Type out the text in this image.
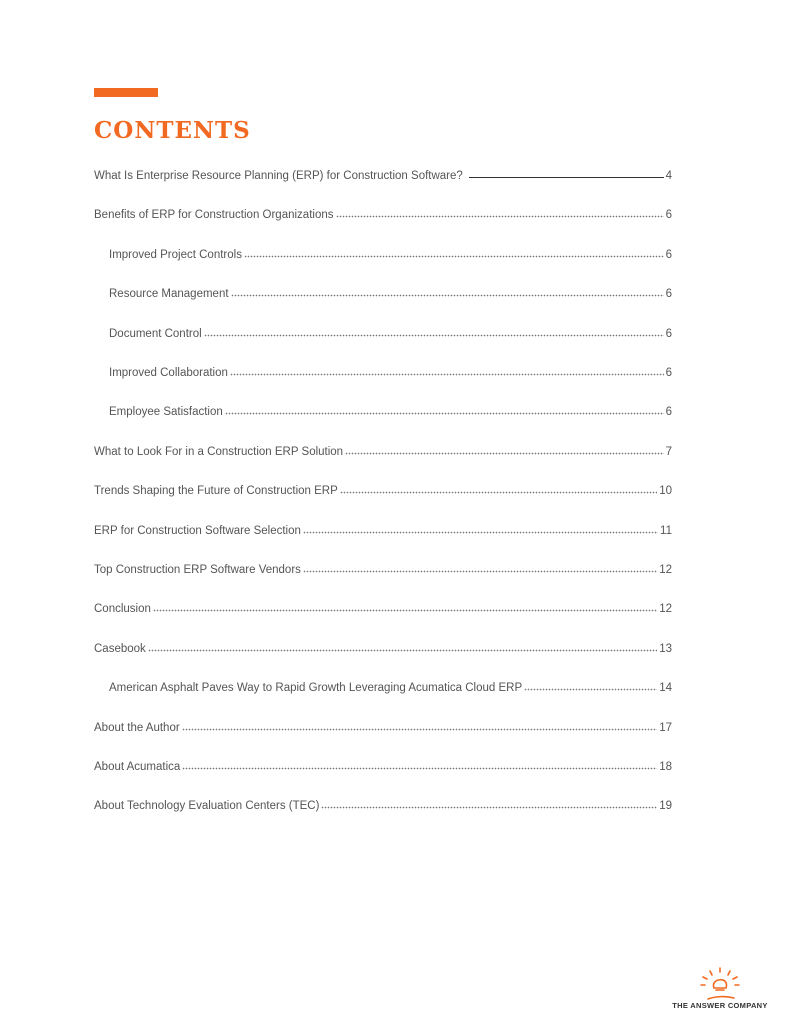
CONTENTS
What Is Enterprise Resource Planning (ERP) for Construction Software?	4
Benefits of ERP for Construction Organizations	6
Improved Project Controls	6
Resource Management	6
Document Control	6
Improved Collaboration	6
Employee Satisfaction	6
What to Look For in a Construction ERP Solution	7
Trends Shaping the Future of Construction ERP	10
ERP for Construction Software Selection	11
Top Construction ERP Software Vendors	12
Conclusion	12
Casebook	13
American Asphalt Paves Way to Rapid Growth Leveraging Acumatica Cloud ERP	14
About the Author	17
About Acumatica	18
About Technology Evaluation Centers (TEC)	19
THE ANSWER COMPANY
